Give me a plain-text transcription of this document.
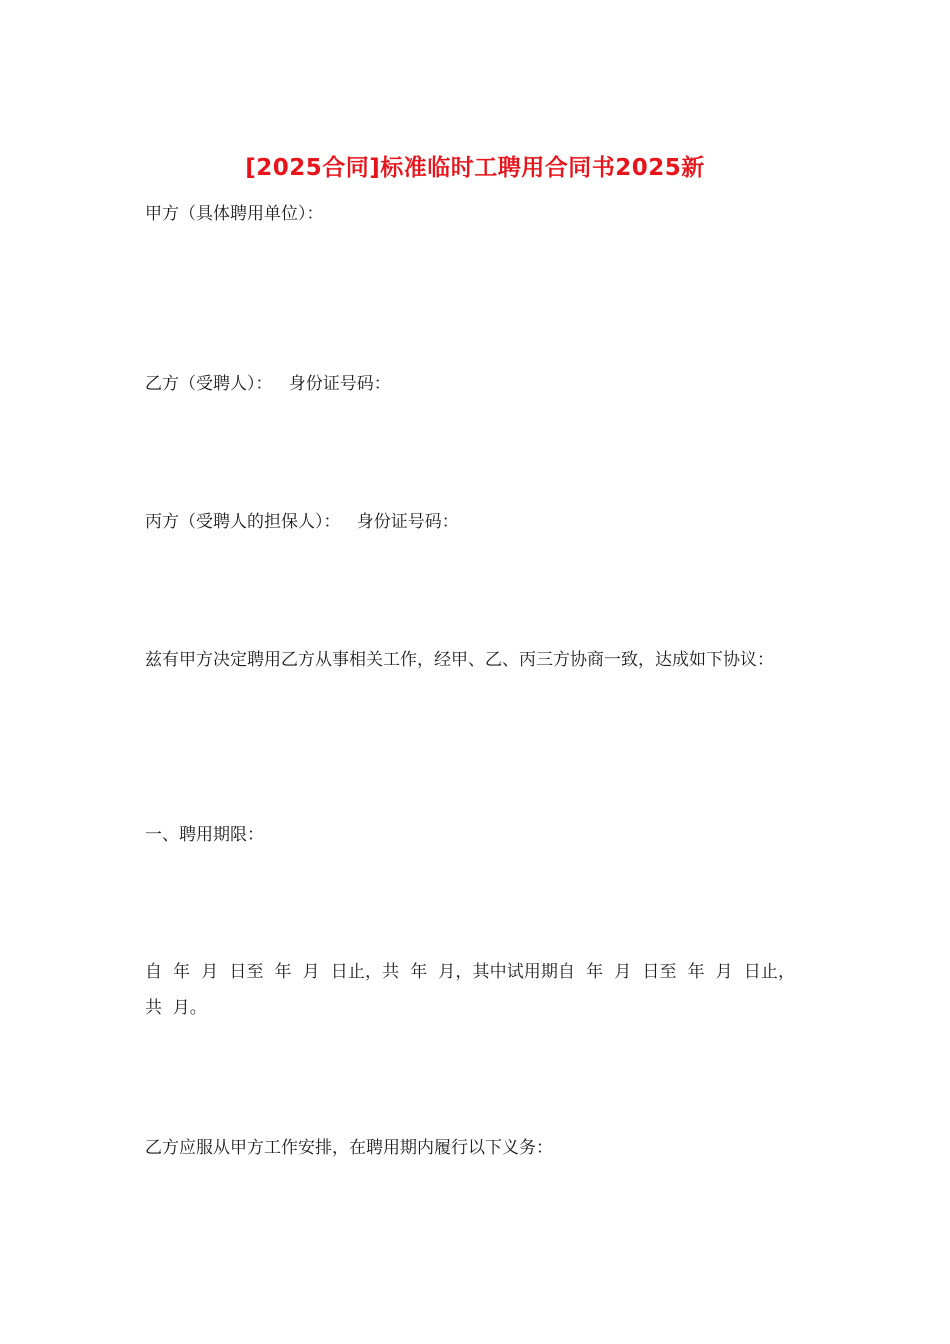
[2025合同]标准临时工聘用合同书2025新
甲方（具体聘用单位）：
乙方（受聘人）：   身份证号码：
丙方（受聘人的担保人）：   身份证号码：
兹有甲方决定聘用乙方从事相关工作，经甲、乙、丙三方协商一致，达成如下协议：
一、聘用期限：
自  年  月  日至  年  月  日止，共  年  月，其中试用期自  年  月  日至  年  月  日止，共  月。
乙方应服从甲方工作安排，在聘用期内履行以下义务：
